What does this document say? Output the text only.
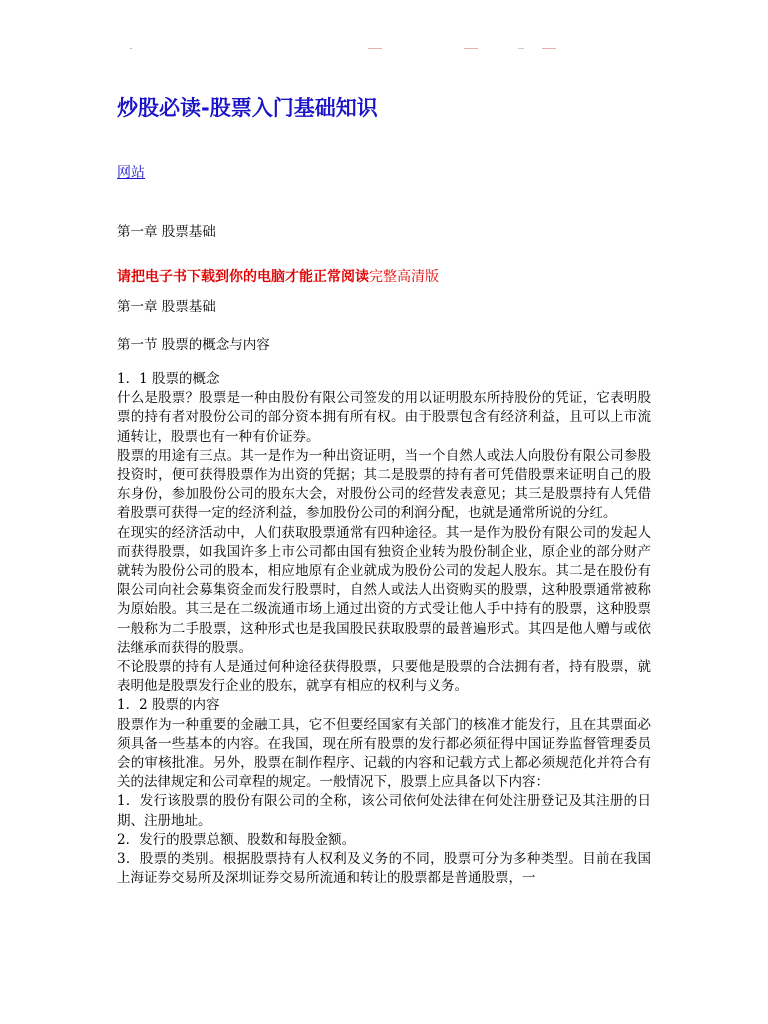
炒股必读-股票入门基础知识
网站
第一章 股票基础
请把电子书下载到你的电脑才能正常阅读完整高清版
第一章 股票基础
第一节 股票的概念与内容

1．1 股票的概念

什么是股票？股票是一种由股份有限公司签发的用以证明股东所持股份的凭证，它表明股票的持有者对股份公司的部分资本拥有所有权。由于股票包含有经济利益，且可以上市流通转让，股票也有一种有价证券。

股票的用途有三点。其一是作为一种出资证明，当一个自然人或法人向股份有限公司参股投资时，便可获得股票作为出资的凭据；其二是股票的持有者可凭借股票来证明自己的股东身份，参加股份公司的股东大会，对股份公司的经营发表意见；其三是股票持有人凭借着股票可获得一定的经济利益，参加股份公司的利润分配，也就是通常所说的分红。

在现实的经济活动中，人们获取股票通常有四种途径。其一是作为股份有限公司的发起人而获得股票，如我国许多上市公司都由国有独资企业转为股份制企业，原企业的部分财产就转为股份公司的股本，相应地原有企业就成为股份公司的发起人股东。其二是在股份有限公司向社会募集资金而发行股票时，自然人或法人出资购买的股票，这种股票通常被称为原始股。其三是在二级流通市场上通过出资的方式受让他人手中持有的股票，这种股票一般称为二手股票，这种形式也是我国股民获取股票的最普遍形式。其四是他人赠与或依法继承而获得的股票。

不论股票的持有人是通过何种途径获得股票，只要他是股票的合法拥有者，持有股票，就表明他是股票发行企业的股东，就享有相应的权利与义务。

1．2 股票的内容

股票作为一种重要的金融工具，它不但要经国家有关部门的核准才能发行，且在其票面必须具备一些基本的内容。在我国，现在所有股票的发行都必须征得中国证券监督管理委员会的审核批准。另外，股票在制作程序、记载的内容和记载方式上都必须规范化并符合有关的法律规定和公司章程的规定。一般情况下，股票上应具备以下内容：

1．发行该股票的股份有限公司的全称，该公司依何处法律在何处注册登记及其注册的日期、注册地址。

2．发行的股票总额、股数和每股金额。

3．股票的类别。根据股票持有人权利及义务的不同，股票可分为多种类型。目前在我国上海证券交易所及深圳证券交易所流通和转让的股票都是普通股票，一
